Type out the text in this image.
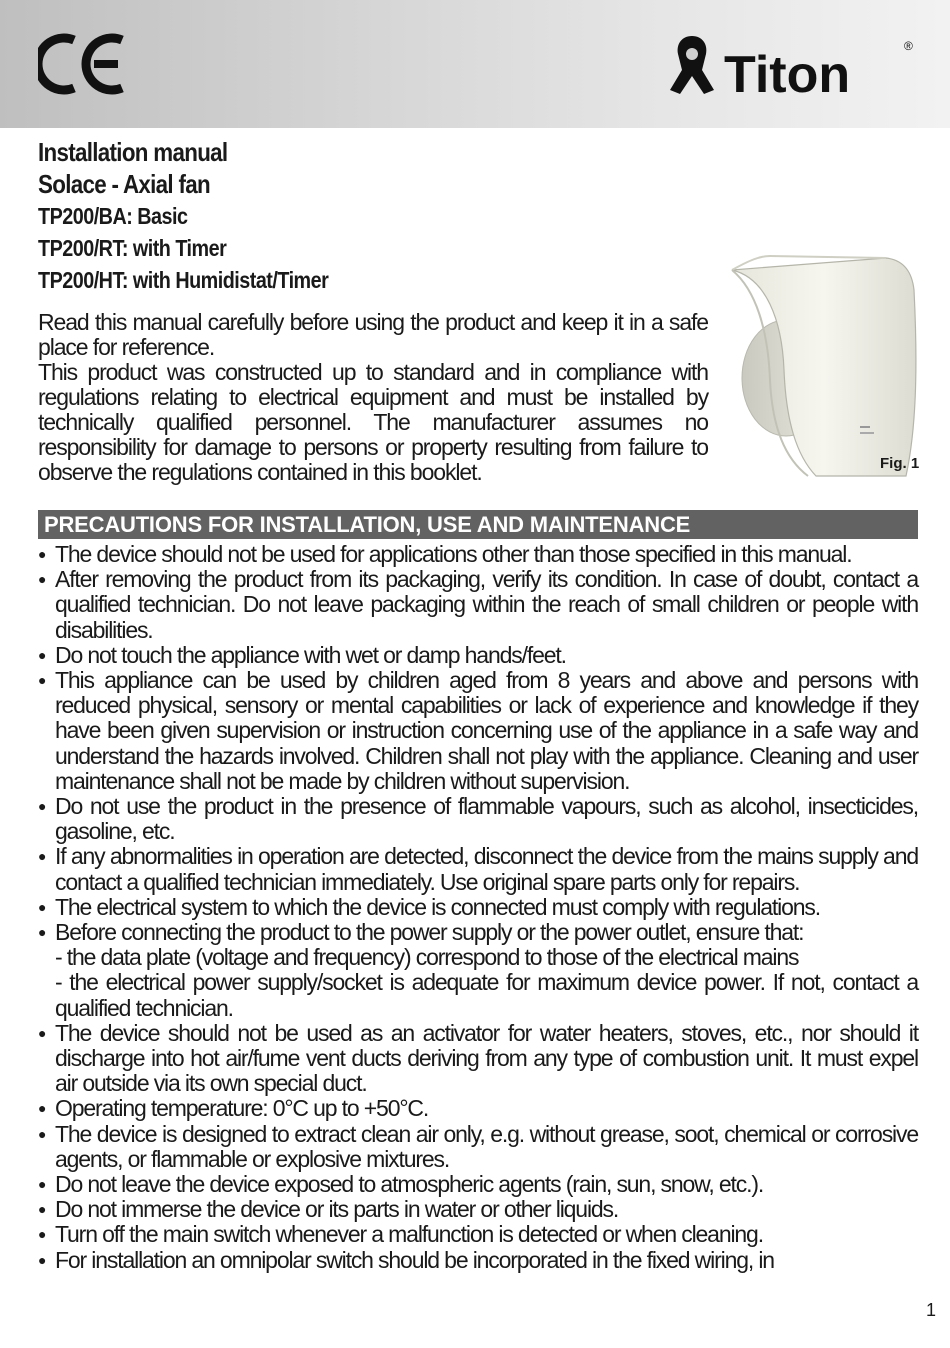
Titon	®
Installation manual
Solace - Axial fan
TP200/BA: Basic
TP200/RT: with Timer
TP200/HT: with Humidistat/Timer

Read this manual carefully before using the product and keep it in a safe place for reference.

This product was constructed up to standard and in compliance with regulations relating to electrical equipment and must be installed by technically qualified personnel. The manufacturer assumes no responsibility for damage to persons or property resulting from failure to observe the regulations contained in this booklet.	Fig. 1
PRECAUTIONS FOR INSTALLATION, USE AND MAINTENANCE
● The device should not be used for applications other than those specified in this manual.
● After removing the product from its packaging, verify its condition. In case of doubt, contact a qualified technician. Do not leave packaging within the reach of small children or people with disabilities.
● Do not touch the appliance with wet or damp hands/feet.
● This appliance can be used by children aged from 8 years and above and persons with reduced physical, sensory or mental capabilities or lack of experience and knowledge if they have been given supervision or instruction concerning use of the appliance in a safe way and understand the hazards involved. Children shall not play with the appliance. Cleaning and user maintenance shall not be made by children without supervision.
● Do not use the product in the presence of flammable vapours, such as alcohol, insecticides, gasoline, etc.
● If any abnormalities in operation are detected, disconnect the device from the mains supply and contact a qualified technician immediately. Use original spare parts only for repairs.
● The electrical system to which the device is connected must comply with regulations.
● Before connecting the product to the power supply or the power outlet, ensure that:
- the data plate (voltage and frequency) correspond to those of the electrical mains
- the electrical power supply/socket is adequate for maximum device power. If not, contact a qualified technician.
● The device should not be used as an activator for water heaters, stoves, etc., nor should it discharge into hot air/fume vent ducts deriving from any type of combustion unit. It must expel air outside via its own special duct.
● Operating temperature: 0°C up to +50°C.
● The device is designed to extract clean air only, e.g. without grease, soot, chemical or corrosive agents, or flammable or explosive mixtures.
● Do not leave the device exposed to atmospheric agents (rain, sun, snow, etc.).
● Do not immerse the device or its parts in water or other liquids.
● Turn off the main switch whenever a malfunction is detected or when cleaning.
● For installation an omnipolar switch should be incorporated in the fixed wiring, in
1
